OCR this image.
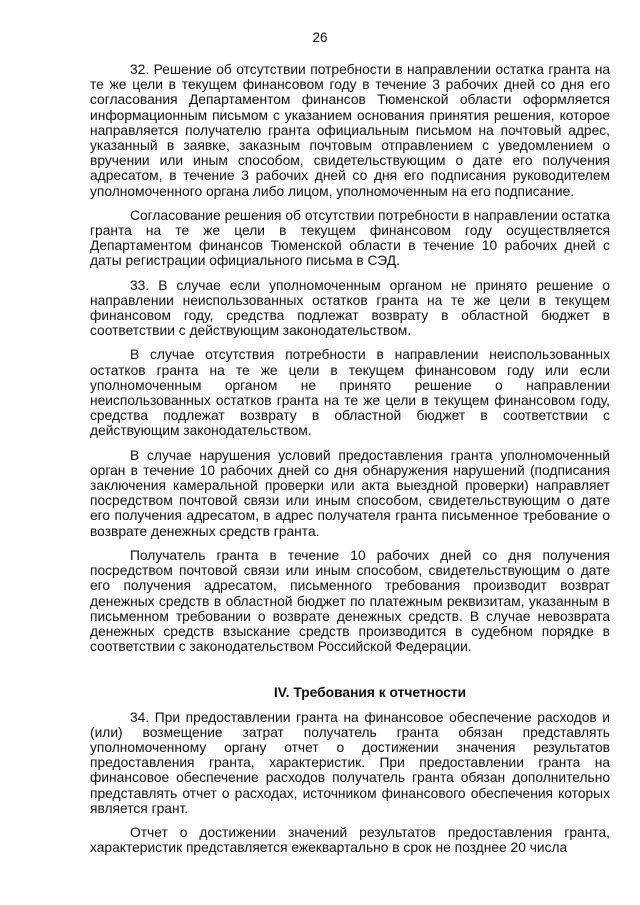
26

32. Решение об отсутствии потребности в направлении остатка гранта на те же цели в текущем финансовом году в течение 3 рабочих дней со дня его согласования Департаментом финансов Тюменской области оформляется информационным письмом с указанием основания принятия решения, которое направляется получателю гранта официальным письмом на почтовый адрес, указанный в заявке, заказным почтовым отправлением с уведомлением о вручении или иным способом, свидетельствующим о дате его получения адресатом, в течение 3 рабочих дней со дня его подписания руководителем уполномоченного органа либо лицом, уполномоченным на его подписание.

Согласование решения об отсутствии потребности в направлении остатка гранта на те же цели в текущем финансовом году осуществляется Департаментом финансов Тюменской области в течение 10 рабочих дней с даты регистрации официального письма в СЭД.

33. В случае если уполномоченным органом не принято решение о направлении неиспользованных остатков гранта на те же цели в текущем финансовом году, средства подлежат возврату в областной бюджет в соответствии с действующим законодательством.

В случае отсутствия потребности в направлении неиспользованных остатков гранта на те же цели в текущем финансовом году или если уполномоченным органом не принято решение о направлении неиспользованных остатков гранта на те же цели в текущем финансовом году, средства подлежат возврату в областной бюджет в соответствии с действующим законодательством.

В случае нарушения условий предоставления гранта уполномоченный орган в течение 10 рабочих дней со дня обнаружения нарушений (подписания заключения камеральной проверки или акта выездной проверки) направляет посредством почтовой связи или иным способом, свидетельствующим о дате его получения адресатом, в адрес получателя гранта письменное требование о возврате денежных средств гранта.

Получатель гранта в течение 10 рабочих дней со дня получения посредством почтовой связи или иным способом, свидетельствующим о дате его получения адресатом, письменного требования производит возврат денежных средств в областной бюджет по платежным реквизитам, указанным в письменном требовании о возврате денежных средств. В случае невозврата денежных средств взыскание средств производится в судебном порядке в соответствии с законодательством Российской Федерации.

IV. Требования к отчетности

34. При предоставлении гранта на финансовое обеспечение расходов и (или) возмещение затрат получатель гранта обязан представлять уполномоченному органу отчет о достижении значения результатов предоставления гранта, характеристик. При предоставлении гранта на финансовое обеспечение расходов получатель гранта обязан дополнительно представлять отчет о расходах, источником финансового обеспечения которых является грант.

Отчет о достижении значений результатов предоставления гранта, характеристик представляется ежеквартально в срок не позднее 20 числа
